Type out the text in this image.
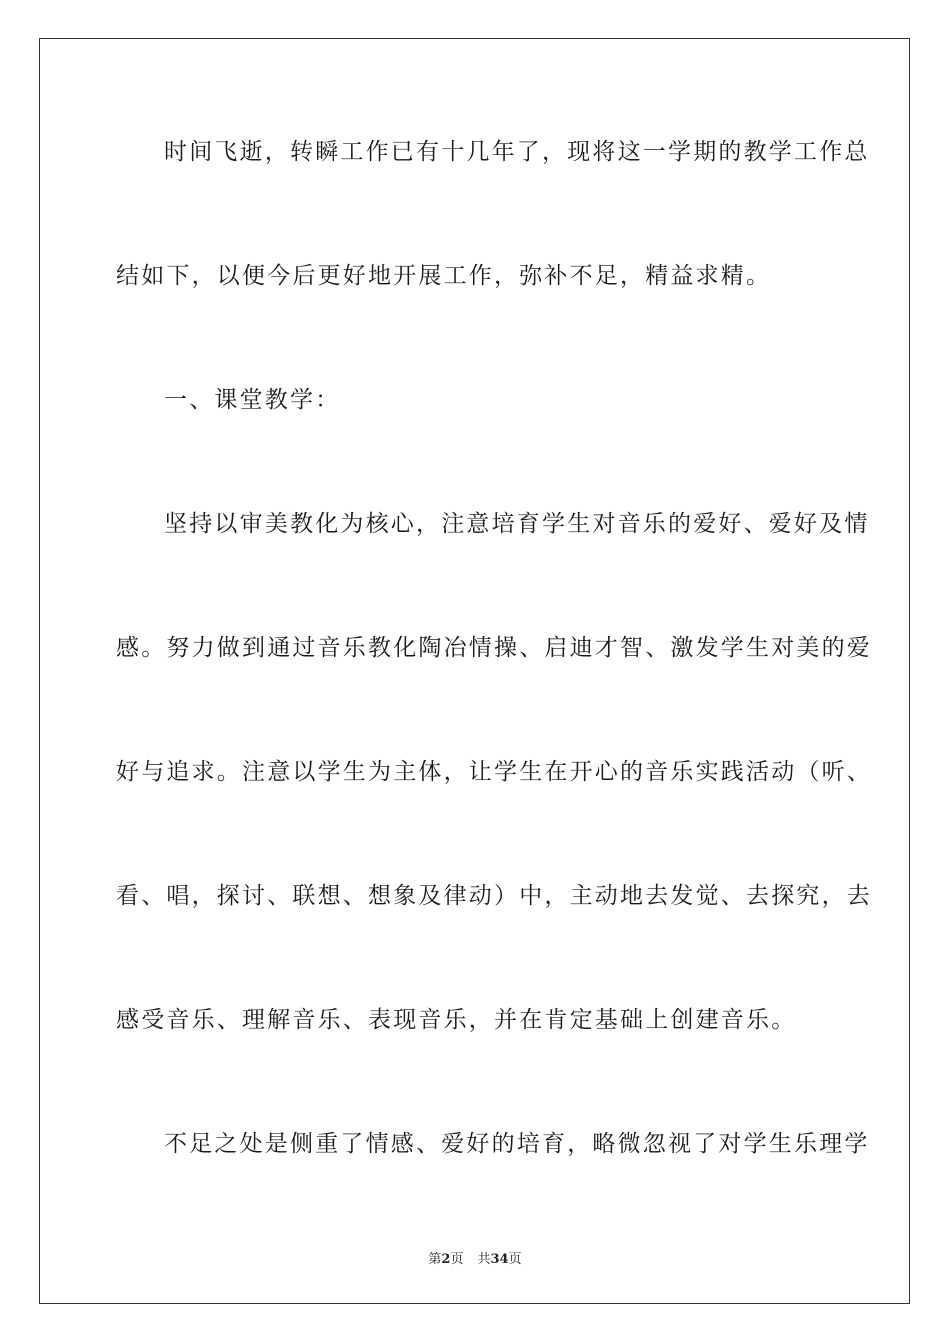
时间飞逝，转瞬工作已有十几年了，现将这一学期的教学工作总
结如下，以便今后更好地开展工作，弥补不足，精益求精。
一、课堂教学：
坚持以审美教化为核心，注意培育学生对音乐的爱好、爱好及情
感。努力做到通过音乐教化陶冶情操、启迪才智、激发学生对美的爱
好与追求。注意以学生为主体，让学生在开心的音乐实践活动（听、
看、唱，探讨、联想、想象及律动）中，主动地去发觉、去探究，去
感受音乐、理解音乐、表现音乐，并在肯定基础上创建音乐。
不足之处是侧重了情感、爱好的培育，略微忽视了对学生乐理学
第2页 共34页
